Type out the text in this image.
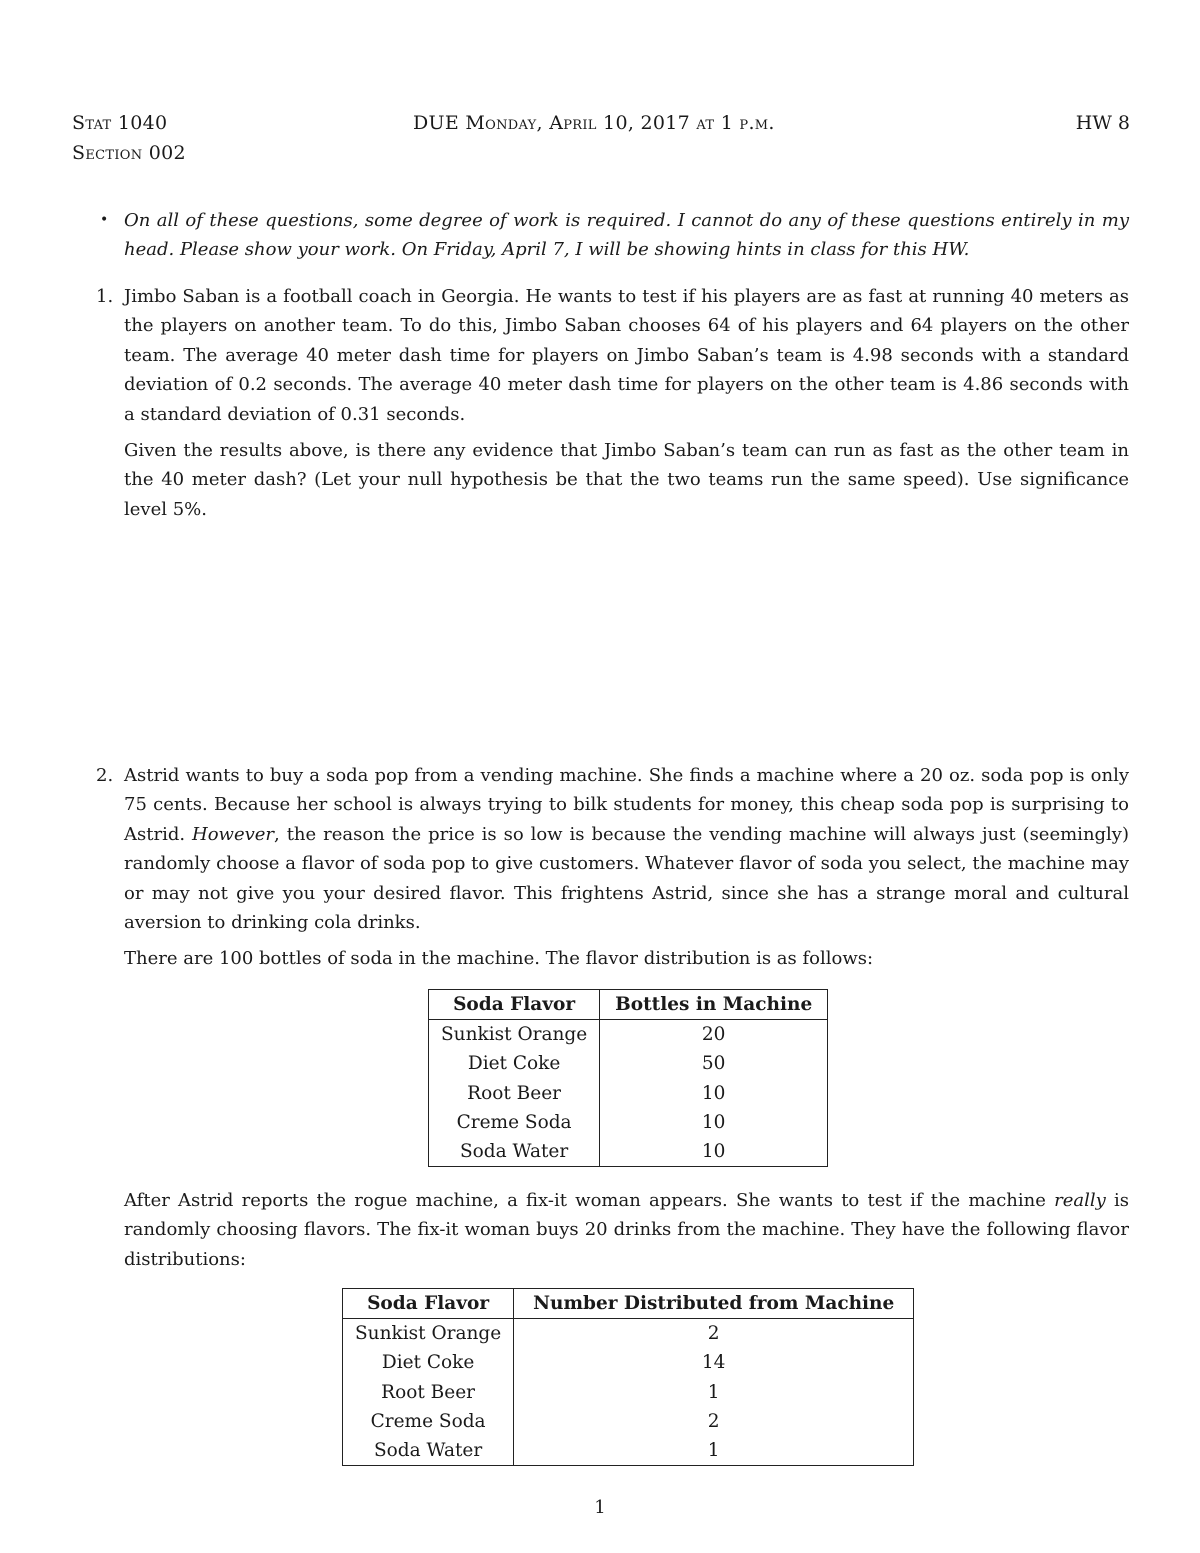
Stat 1040
Section 002
DUE Monday, April 10, 2017 at 1 p.m.	HW 8
• On all of these questions, some degree of work is required. I cannot do any of these questions entirely in my head. Please show your work. On Friday, April 7, I will be showing hints in class for this HW.

1. Jimbo Saban is a football coach in Georgia. He wants to test if his players are as fast at running 40 meters as the players on another team. To do this, Jimbo Saban chooses 64 of his players and 64 players on the other team. The average 40 meter dash time for players on Jimbo Saban’s team is 4.98 seconds with a standard deviation of 0.2 seconds. The average 40 meter dash time for players on the other team is 4.86 seconds with a standard deviation of 0.31 seconds.

Given the results above, is there any evidence that Jimbo Saban’s team can run as fast as the other team in the 40 meter dash? (Let your null hypothesis be that the two teams run the same speed). Use significance level 5%.

2. Astrid wants to buy a soda pop from a vending machine. She finds a machine where a 20 oz. soda pop is only 75 cents. Because her school is always trying to bilk students for money, this cheap soda pop is surprising to Astrid. However, the reason the price is so low is because the vending machine will always just (seemingly) randomly choose a flavor of soda pop to give customers. Whatever flavor of soda you select, the machine may or may not give you your desired flavor. This frightens Astrid, since she has a strange moral and cultural aversion to drinking cola drinks.

There are 100 bottles of soda in the machine. The flavor distribution is as follows:

Soda Flavor	Bottles in Machine
Sunkist Orange	20
Diet Coke	50
Root Beer	10
Creme Soda	10
Soda Water	10

After Astrid reports the rogue machine, a fix-it woman appears. She wants to test if the machine really is randomly choosing flavors. The fix-it woman buys 20 drinks from the machine. They have the following flavor distributions:

Soda Flavor	Number Distributed from Machine
Sunkist Orange	2
Diet Coke	14
Root Beer	1
Creme Soda	2
Soda Water	1
1
